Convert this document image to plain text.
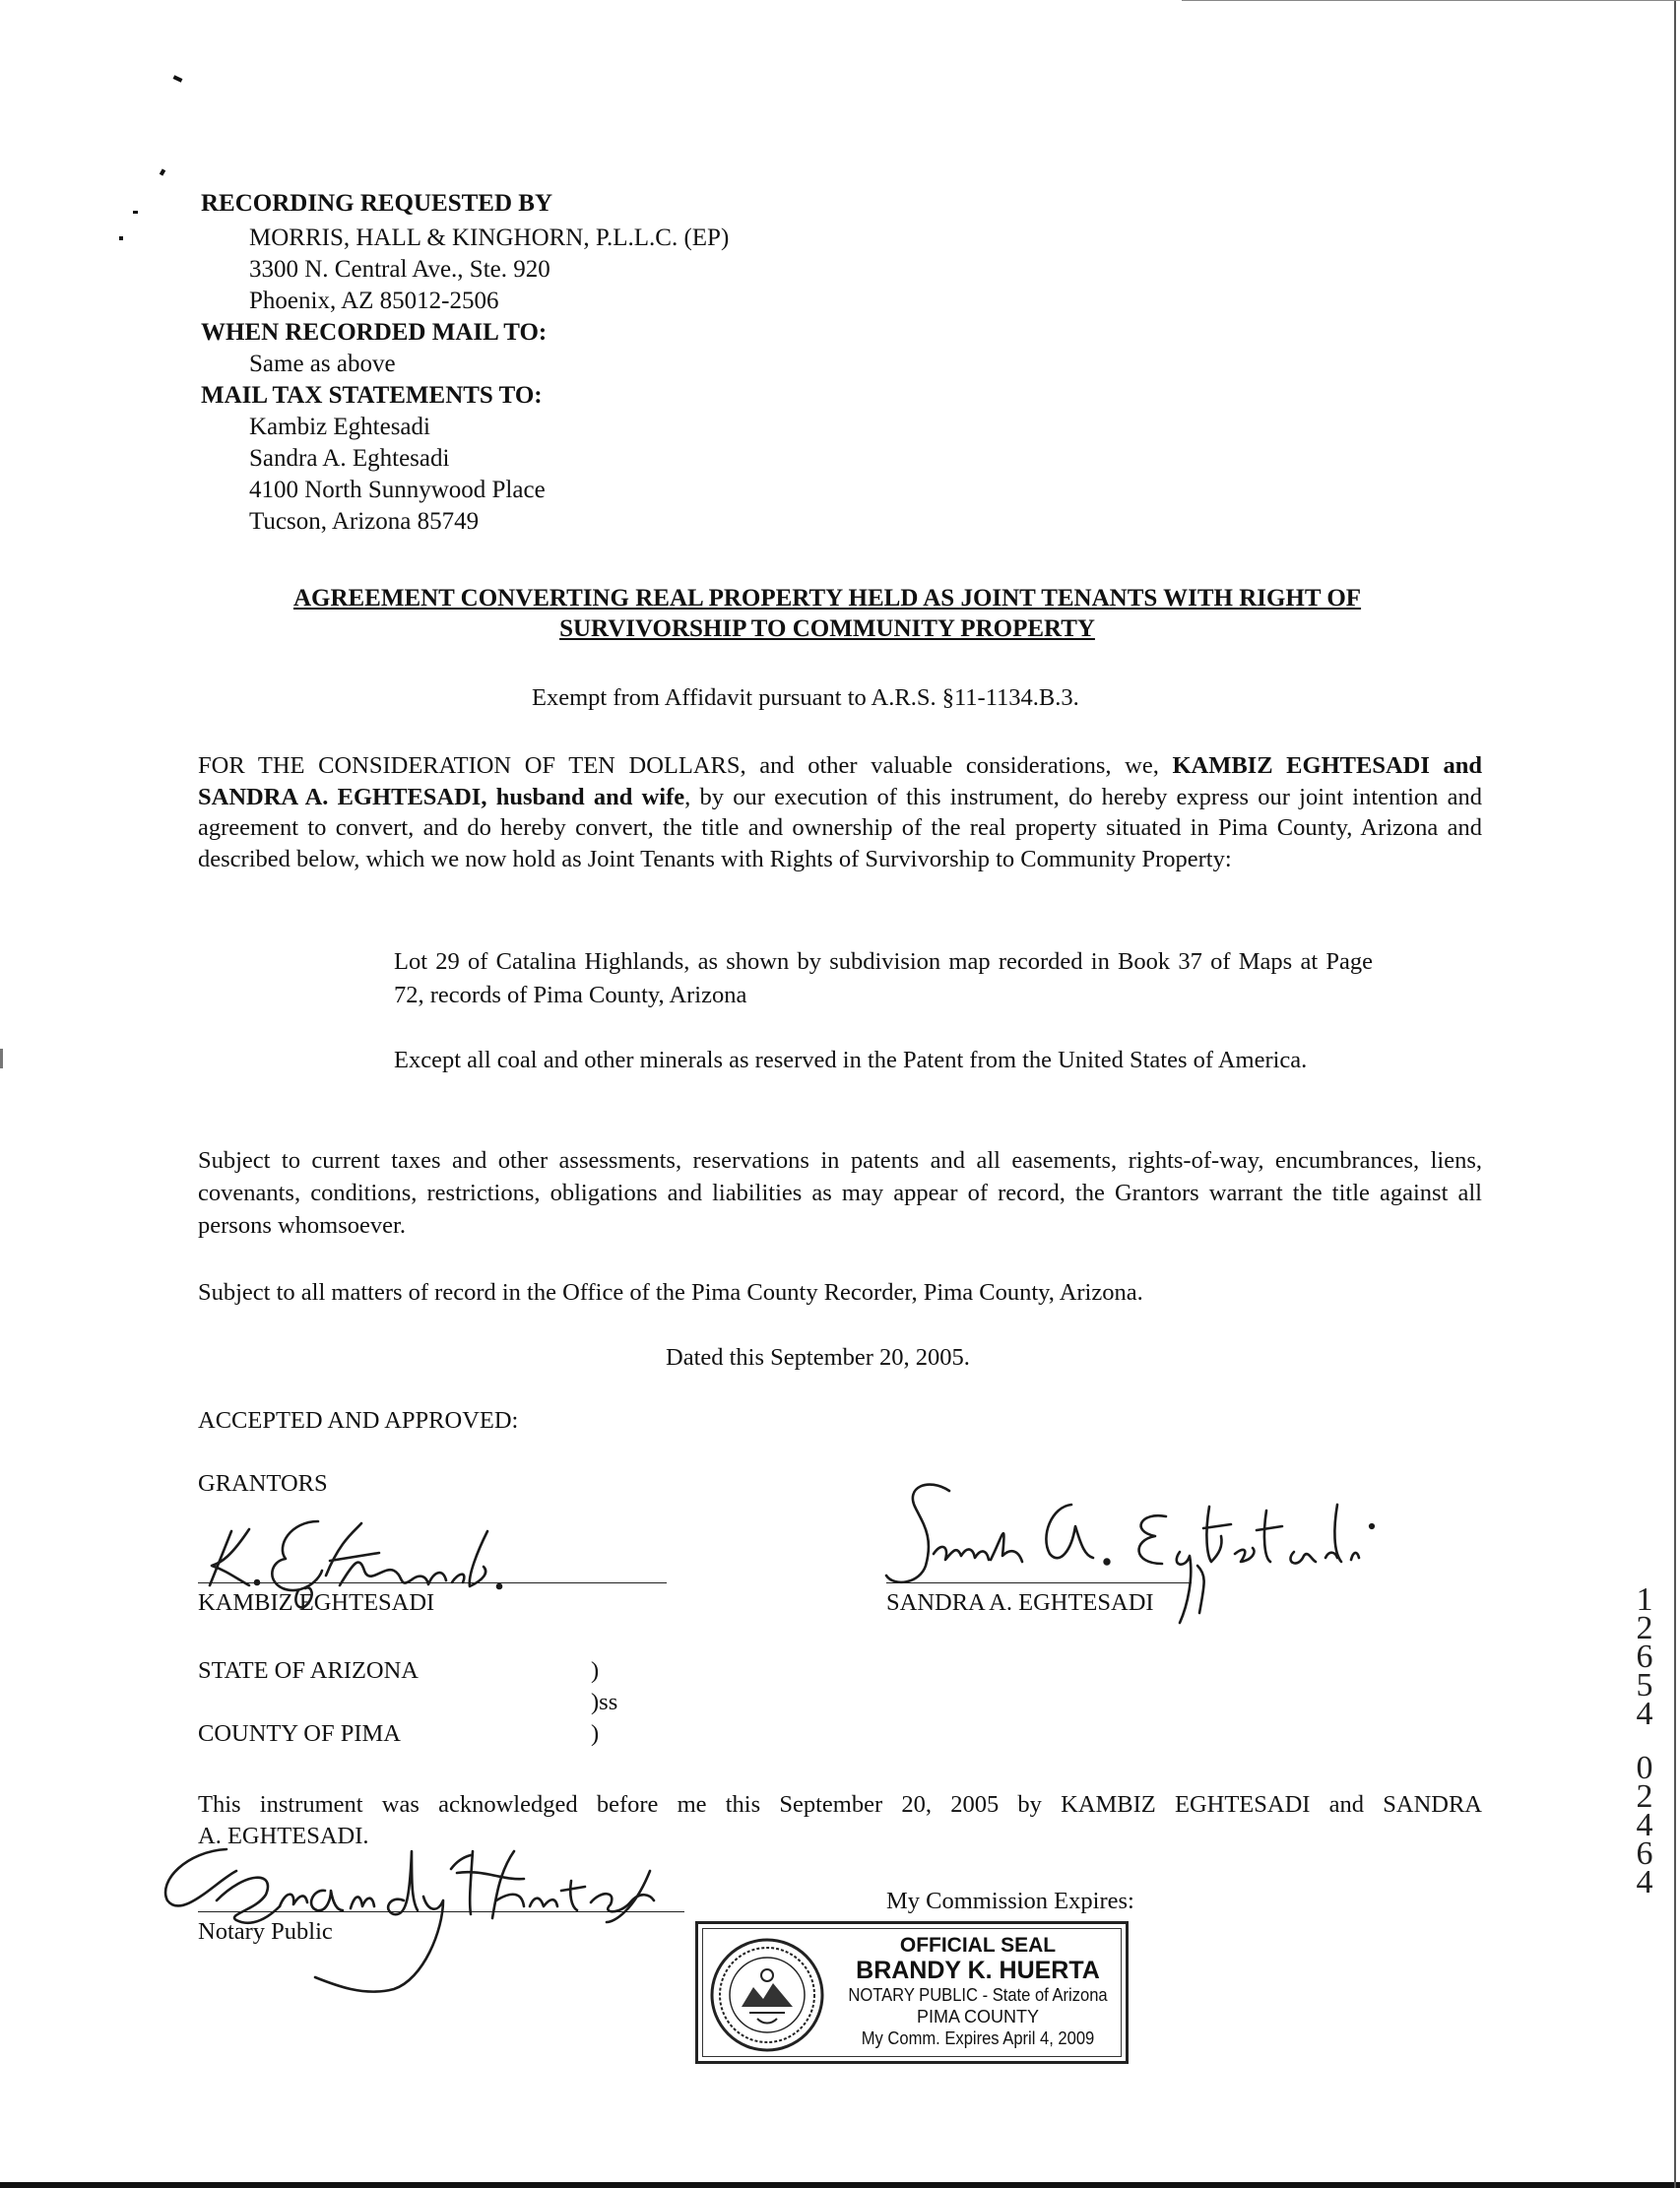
RECORDING REQUESTED BY
MORRIS, HALL & KINGHORN, P.L.L.C. (EP)
3300 N. Central Ave., Ste. 920
Phoenix, AZ 85012-2506
WHEN RECORDED MAIL TO:
Same as above
MAIL TAX STATEMENTS TO:
Kambiz Eghtesadi
Sandra A. Eghtesadi
4100 North Sunnywood Place
Tucson, Arizona 85749
AGREEMENT CONVERTING REAL PROPERTY HELD AS JOINT TENANTS WITH RIGHT OF
SURVIVORSHIP TO COMMUNITY PROPERTY
Exempt from Affidavit pursuant to A.R.S. §11-1134.B.3.
FOR THE CONSIDERATION OF TEN DOLLARS, and other valuable considerations, we, KAMBIZ EGHTESADI and SANDRA A. EGHTESADI, husband and wife, by our execution of this instrument, do hereby express our joint intention and agreement to convert, and do hereby convert, the title and ownership of the real property situated in Pima County, Arizona and described below, which we now hold as Joint Tenants with Rights of Survivorship to Community Property:
Lot 29 of Catalina Highlands, as shown by subdivision map recorded in Book 37 of Maps at Page 72, records of Pima County, Arizona
Except all coal and other minerals as reserved in the Patent from the United States of America.
Subject to current taxes and other assessments, reservations in patents and all easements, rights-of-way, encumbrances, liens, covenants, conditions, restrictions, obligations and liabilities as may appear of record, the Grantors warrant the title against all persons whomsoever.
Subject to all matters of record in the Office of the Pima County Recorder, Pima County, Arizona.
Dated this September 20, 2005.
ACCEPTED AND APPROVED:
GRANTORS
KAMBIZ EGHTESADI	SANDRA A. EGHTESADI
STATE OF ARIZONA	)
)ss
COUNTY OF PIMA	)
This instrument was acknowledged before me this September 20, 2005 by KAMBIZ EGHTESADI and SANDRA
A. EGHTESADI.
Notary Public
My Commission Expires:
OFFICIAL SEAL
BRANDY K. HUERTA
NOTARY PUBLIC - State of Arizona
PIMA COUNTY
My Comm. Expires April 4, 2009
1
2
6
5
4
0
2
4
6
4
